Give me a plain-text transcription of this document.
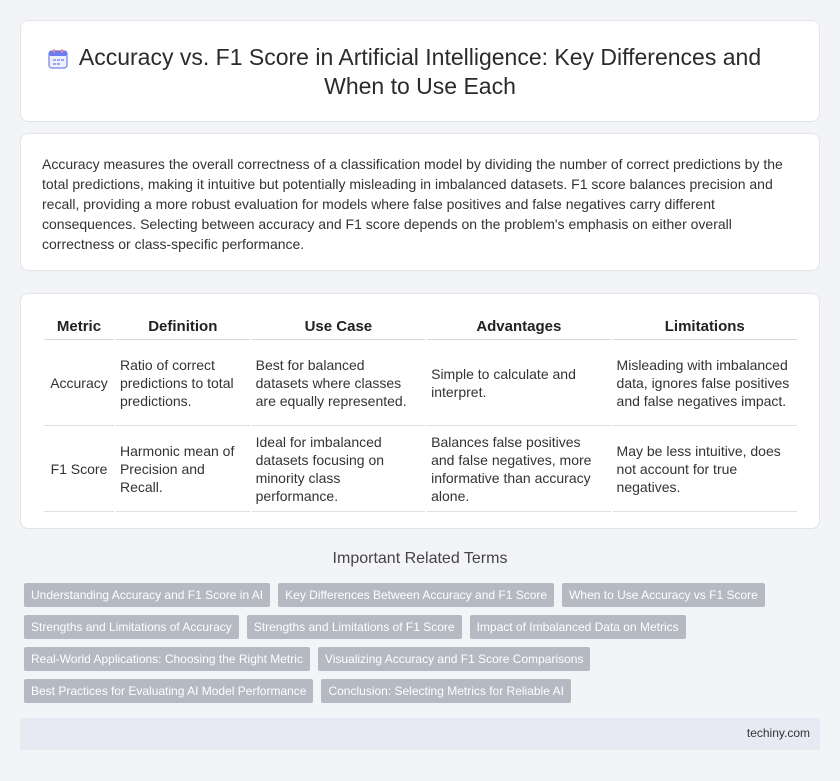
Accuracy vs. F1 Score in Artificial Intelligence: Key Differences and When to Use Each

Accuracy measures the overall correctness of a classification model by dividing the number of correct predictions by the total predictions, making it intuitive but potentially misleading in imbalanced datasets. F1 score balances precision and recall, providing a more robust evaluation for models where false positives and false negatives carry different consequences. Selecting between accuracy and F1 score depends on the problem's emphasis on either overall correctness or class-specific performance.

Metric	Definition	Use Case	Advantages	Limitations
Accuracy	Ratio of correct predictions to total predictions.	Best for balanced datasets where classes are equally represented.	Simple to calculate and interpret.	Misleading with imbalanced data, ignores false positives and false negatives impact.
F1 Score	Harmonic mean of Precision and Recall.	Ideal for imbalanced datasets focusing on minority class performance.	Balances false positives and false negatives, more informative than accuracy alone.	May be less intuitive, does not account for true negatives.
Important Related Terms
Understanding Accuracy and F1 Score in AI	Key Differences Between Accuracy and F1 Score	When to Use Accuracy vs F1 Score
Strengths and Limitations of Accuracy	Strengths and Limitations of F1 Score	Impact of Imbalanced Data on Metrics
Real-World Applications: Choosing the Right Metric	Visualizing Accuracy and F1 Score Comparisons
Best Practices for Evaluating AI Model Performance	Conclusion: Selecting Metrics for Reliable AI
techiny.com
